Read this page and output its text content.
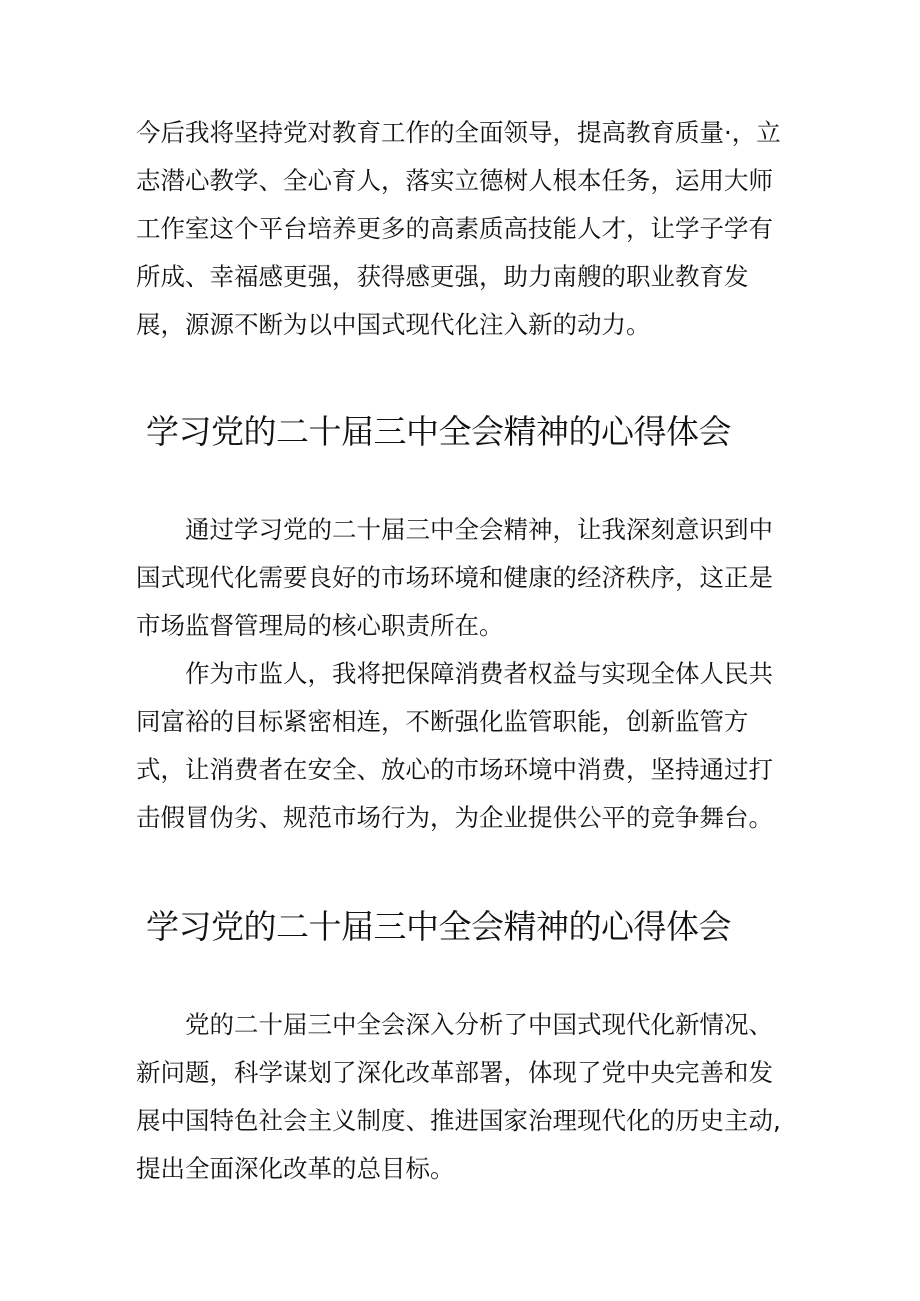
今后我将坚持党对教育工作的全面领导，提高教育质量·，立志潜心教学、全心育人，落实立德树人根本任务，运用大师工作室这个平台培养更多的高素质高技能人才，让学子学有所成、幸福感更强，获得感更强，助力南艘的职业教育发展，源源不断为以中国式现代化注入新的动力。

学习党的二十届三中全会精神的心得体会

通过学习党的二十届三中全会精神，让我深刻意识到中国式现代化需要良好的市场环境和健康的经济秩序，这正是市场监督管理局的核心职责所在。

作为市监人，我将把保障消费者权益与实现全体人民共同富裕的目标紧密相连，不断强化监管职能，创新监管方式，让消费者在安全、放心的市场环境中消费，坚持通过打击假冒伪劣、规范市场行为，为企业提供公平的竞争舞台。

学习党的二十届三中全会精神的心得体会

党的二十届三中全会深入分析了中国式现代化新情况、新问题，科学谋划了深化改革部署，体现了党中央完善和发展中国特色社会主义制度、推进国家治理现代化的历史主动,提出全面深化改革的总目标。
